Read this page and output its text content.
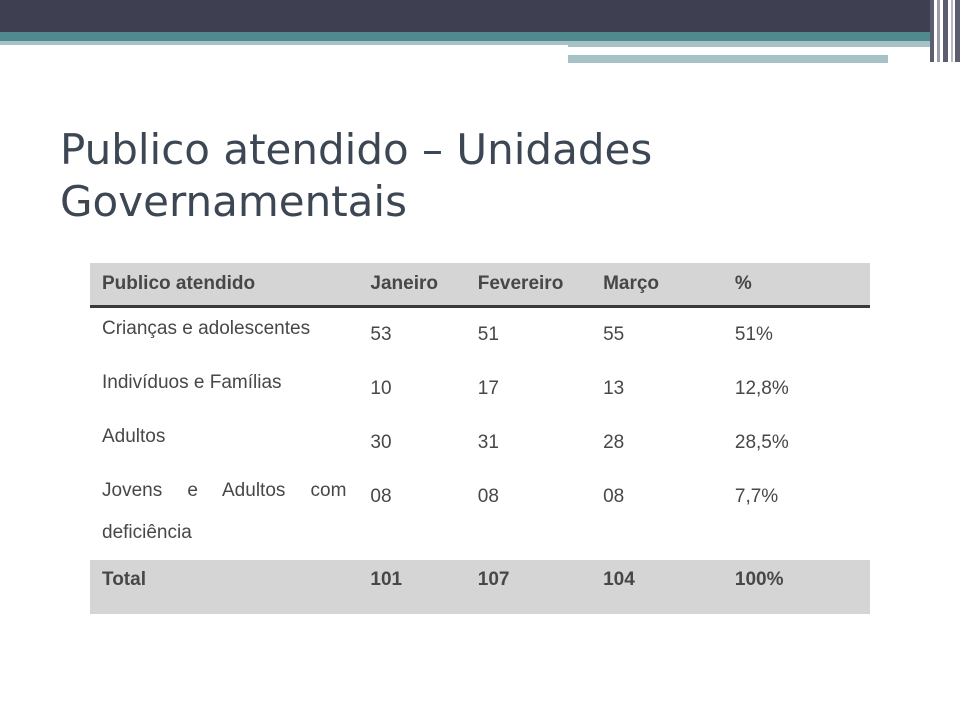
Publico atendido – Unidades Governamentais
Publico atendido	Janeiro	Fevereiro	Março	%
Crianças e adolescentes	53	51	55	51%
Indivíduos e Famílias	10	17	13	12,8%
Adultos	30	31	28	28,5%
Jovens e Adultos com deficiência	08	08	08	7,7%
Total	101	107	104	100%
